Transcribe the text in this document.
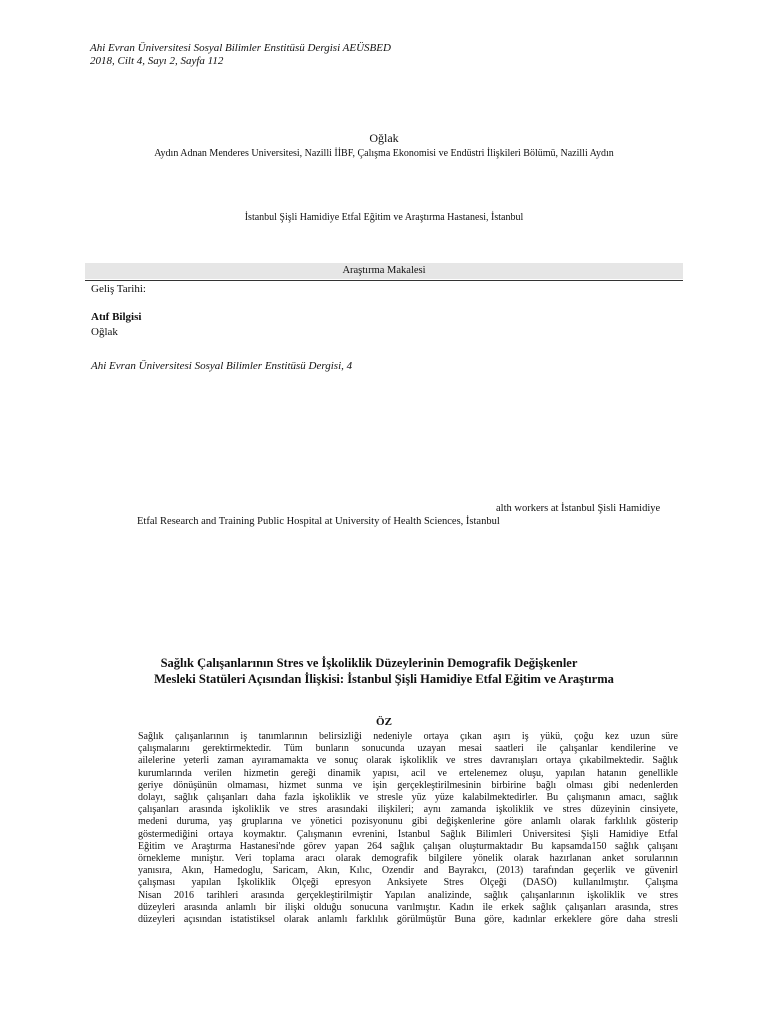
Ahi Evran Üniversitesi Sosyal Bilimler Enstitüsü Dergisi AEÜSBED
2018, Cilt 4, Sayı 2, Sayfa 112
Oğlak
Aydın Adnan Menderes Universitesi, Nazilli İİBF, Çalışma Ekonomisi ve Endüstri İlişkileri Bölümü, Nazilli Aydın
İstanbul Şişli Hamidiye Etfal Eğitim ve Araştırma Hastanesi, İstanbul
Araştırma Makalesi
Geliş Tarihi:
Atıf Bilgisi
Oğlak
Ahi Evran Üniversitesi Sosyal Bilimler Enstitüsü Dergisi, 4
alth workers at İstanbul Şisli Hamidiye
Etfal Research and Training Public Hospital at University of Health Sciences, İstanbul
Sağlık Çalışanlarının Stres ve İşkoliklik Düzeylerinin Demografik Değişkenler
Mesleki Statüleri Açısından İlişkisi: İstanbul Şişli Hamidiye Etfal Eğitim ve Araştırma
ÖZ
Sağlık çalışanlarının iş tanımlarının belirsizliği nedeniyle ortaya çıkan aşırı iş yükü, çoğu kez uzun süre
çalışmalarını gerektirmektedir. Tüm bunların sonucunda uzayan mesai saatleri ile çalışanlar kendilerine ve
ailelerine yeterli zaman ayıramamakta ve sonuç olarak işkoliklik ve stres davranışları ortaya çıkabilmektedir. Sağlık
kurumlarında verilen hizmetin gereği dinamik yapısı, acil ve ertelenemez oluşu, yapılan hatanın genellikle
geriye dönüşünün olmaması, hizmet sunma ve işin gerçekleştirilmesinin birbirine bağlı olması gibi nedenlerden
dolayı, sağlık çalışanları daha fazla işkoliklik ve stresle yüz yüze kalabilmektedirler. Bu çalışmanın amacı, sağlık
çalışanları arasında işkoliklik ve stres arasındaki ilişkileri; aynı zamanda işkoliklik ve stres düzeyinin cinsiyete,
medeni duruma, yaş gruplarına ve yönetici pozisyonunu gibi değişkenlerine göre anlamlı olarak farklılık gösterip
göstermediğini ortaya koymaktır. Çalışmanın evrenini, İstanbul Sağlık Bilimleri Üniversitesi Şişli Hamidiye Etfal
Eğitim ve Araştırma Hastanesi'nde görev yapan 264 sağlık çalışan oluşturmaktadır Bu kapsamda150 sağlık çalışanı
örnekleme mıniştır. Veri toplama aracı olarak demografik bilgilere yönelik olarak hazırlanan anket sorularının
yanısıra, Akın, Hamedoglu, Saricam, Akın, Kılıc, Ozendir and Bayrakcı, (2013) tarafından geçerlik ve güvenirl
çalışması yapılan İşkoliklik Ölçeği epresyon Anksiyete Stres Ölçeği (DASÖ) kullanılmıştır. Çalışma
Nisan 2016 tarihleri arasında gerçekleştirilmiştir Yapılan analizinde, sağlık çalışanlarının işkoliklik ve stres
düzeyleri arasında anlamlı bir ilişki olduğu sonucuna varılmıştır. Kadın ile erkek sağlık çalışanları arasında, stres
düzeyleri açısından istatistiksel olarak anlamlı farklılık görülmüştür Buna göre, kadınlar erkeklere göre daha stresli
